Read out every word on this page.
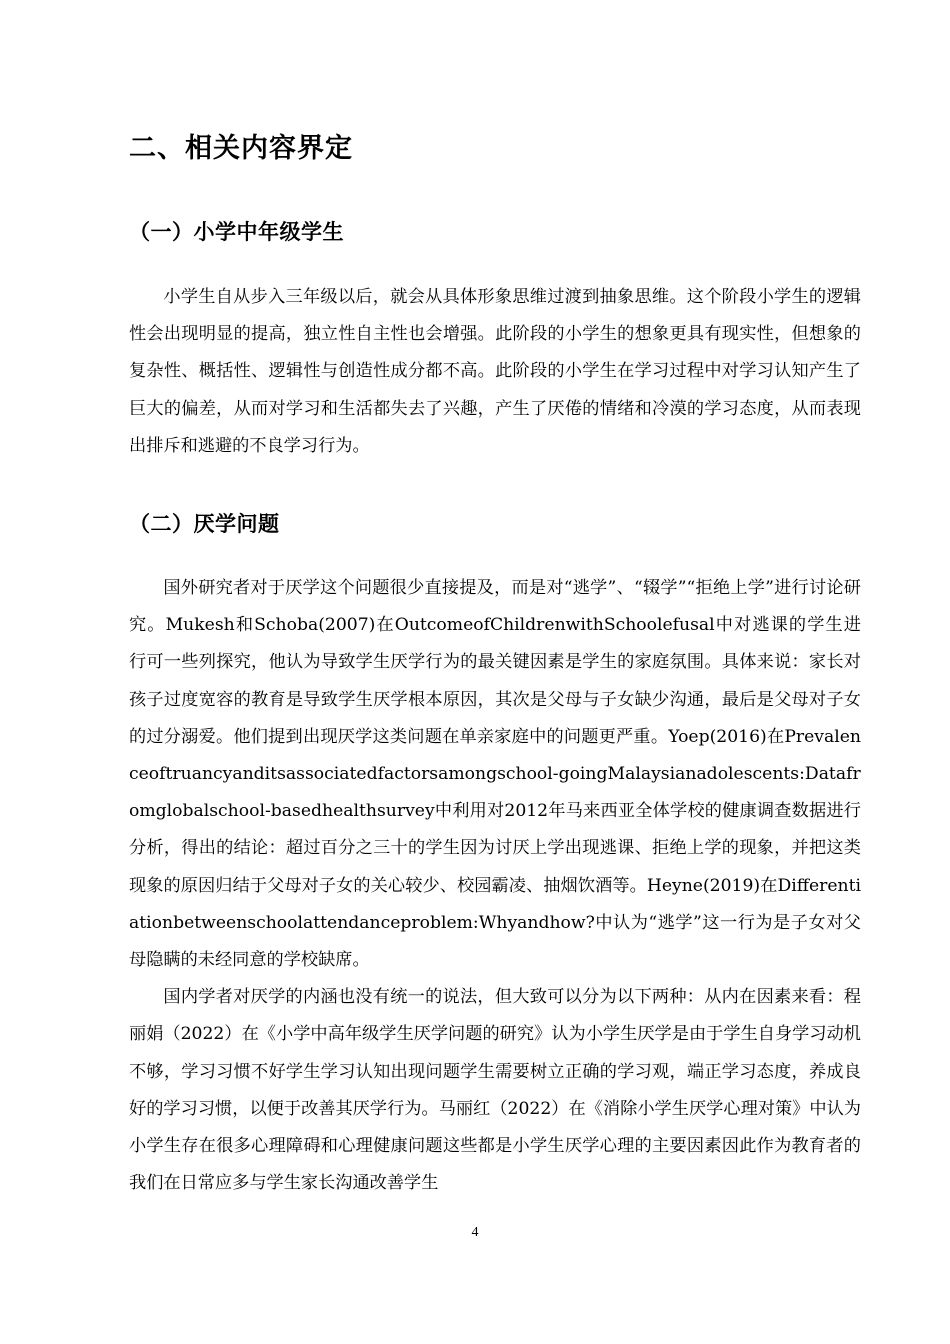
二、相关内容界定
（一）小学中年级学生

小学生自从步入三年级以后，就会从具体形象思维过渡到抽象思维。这个阶段小学生的逻辑性会出现明显的提高，独立性自主性也会增强。此阶段的小学生的想象更具有现实性，但想象的复杂性、概括性、逻辑性与创造性成分都不高。此阶段的小学生在学习过程中对学习认知产生了巨大的偏差，从而对学习和生活都失去了兴趣，产生了厌倦的情绪和冷漠的学习态度，从而表现出排斥和逃避的不良学习行为。

（二）厌学问题

国外研究者对于厌学这个问题很少直接提及，而是对“逃学”、“辍学”“拒绝上学”进行讨论研究。Mukesh和Schoba(2007)在OutcomeofChildrenwithSchoolefusal中对逃课的学生进行可一些列探究，他认为导致学生厌学行为的最关键因素是学生的家庭氛围。具体来说：家长对孩子过度宽容的教育是导致学生厌学根本原因，其次是父母与子女缺少沟通，最后是父母对子女的过分溺爱。他们提到出现厌学这类问题在单亲家庭中的问题更严重。Yoep(2016)在Prevalenceoftruancyanditsassociatedfactorsamongschool-goingMalaysianadolescents:Datafromglobalschool-basedhealthsurvey中利用对2012年马来西亚全体学校的健康调查数据进行分析，得出的结论：超过百分之三十的学生因为讨厌上学出现逃课、拒绝上学的现象，并把这类现象的原因归结于父母对子女的关心较少、校园霸凌、抽烟饮酒等。Heyne(2019)在Differentiationbetweenschoolattendanceproblem:Whyandhow?中认为“逃学”这一行为是子女对父母隐瞒的未经同意的学校缺席。

国内学者对厌学的内涵也没有统一的说法，但大致可以分为以下两种：从内在因素来看：程丽娟（2022）在《小学中高年级学生厌学问题的研究》认为小学生厌学是由于学生自身学习动机不够，学习习惯不好学生学习认知出现问题学生需要树立正确的学习观，端正学习态度，养成良好的学习习惯，以便于改善其厌学行为。马丽红（2022）在《消除小学生厌学心理对策》中认为小学生存在很多心理障碍和心理健康问题这些都是小学生厌学心理的主要因素因此作为教育者的我们在日常应多与学生家长沟通改善学生

4
